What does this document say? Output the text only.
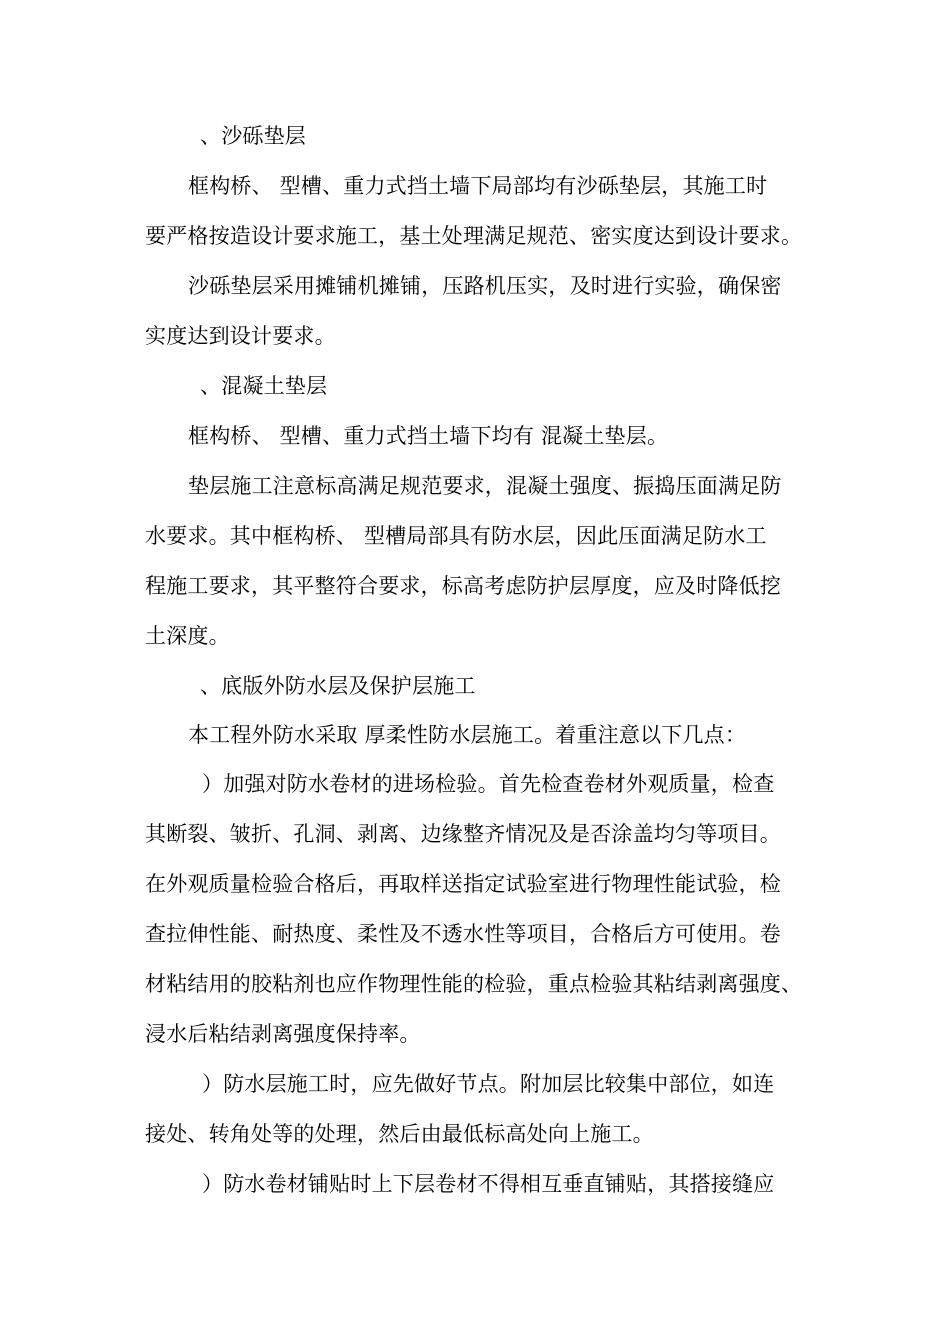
、沙砾垫层
框构桥、 型槽、重力式挡土墙下局部均有沙砾垫层，其施工时
要严格按造设计要求施工，基土处理满足规范、密实度达到设计要求。
沙砾垫层采用摊铺机摊铺，压路机压实，及时进行实验，确保密
实度达到设计要求。
、混凝土垫层
框构桥、 型槽、重力式挡土墙下均有 混凝土垫层。
垫层施工注意标高满足规范要求，混凝土强度、振捣压面满足防
水要求。其中框构桥、 型槽局部具有防水层，因此压面满足防水工
程施工要求，其平整符合要求，标高考虑防护层厚度，应及时降低挖
土深度。
、底版外防水层及保护层施工
本工程外防水采取 厚柔性防水层施工。着重注意以下几点：
）加强对防水卷材的进场检验。首先检查卷材外观质量，检查
其断裂、皱折、孔洞、剥离、边缘整齐情况及是否涂盖均匀等项目。
在外观质量检验合格后，再取样送指定试验室进行物理性能试验，检
查拉伸性能、耐热度、柔性及不透水性等项目，合格后方可使用。卷
材粘结用的胶粘剂也应作物理性能的检验，重点检验其粘结剥离强度、
浸水后粘结剥离强度保持率。
）防水层施工时，应先做好节点。附加层比较集中部位，如连
接处、转角处等的处理，然后由最低标高处向上施工。
）防水卷材铺贴时上下层卷材不得相互垂直铺贴，其搭接缝应
